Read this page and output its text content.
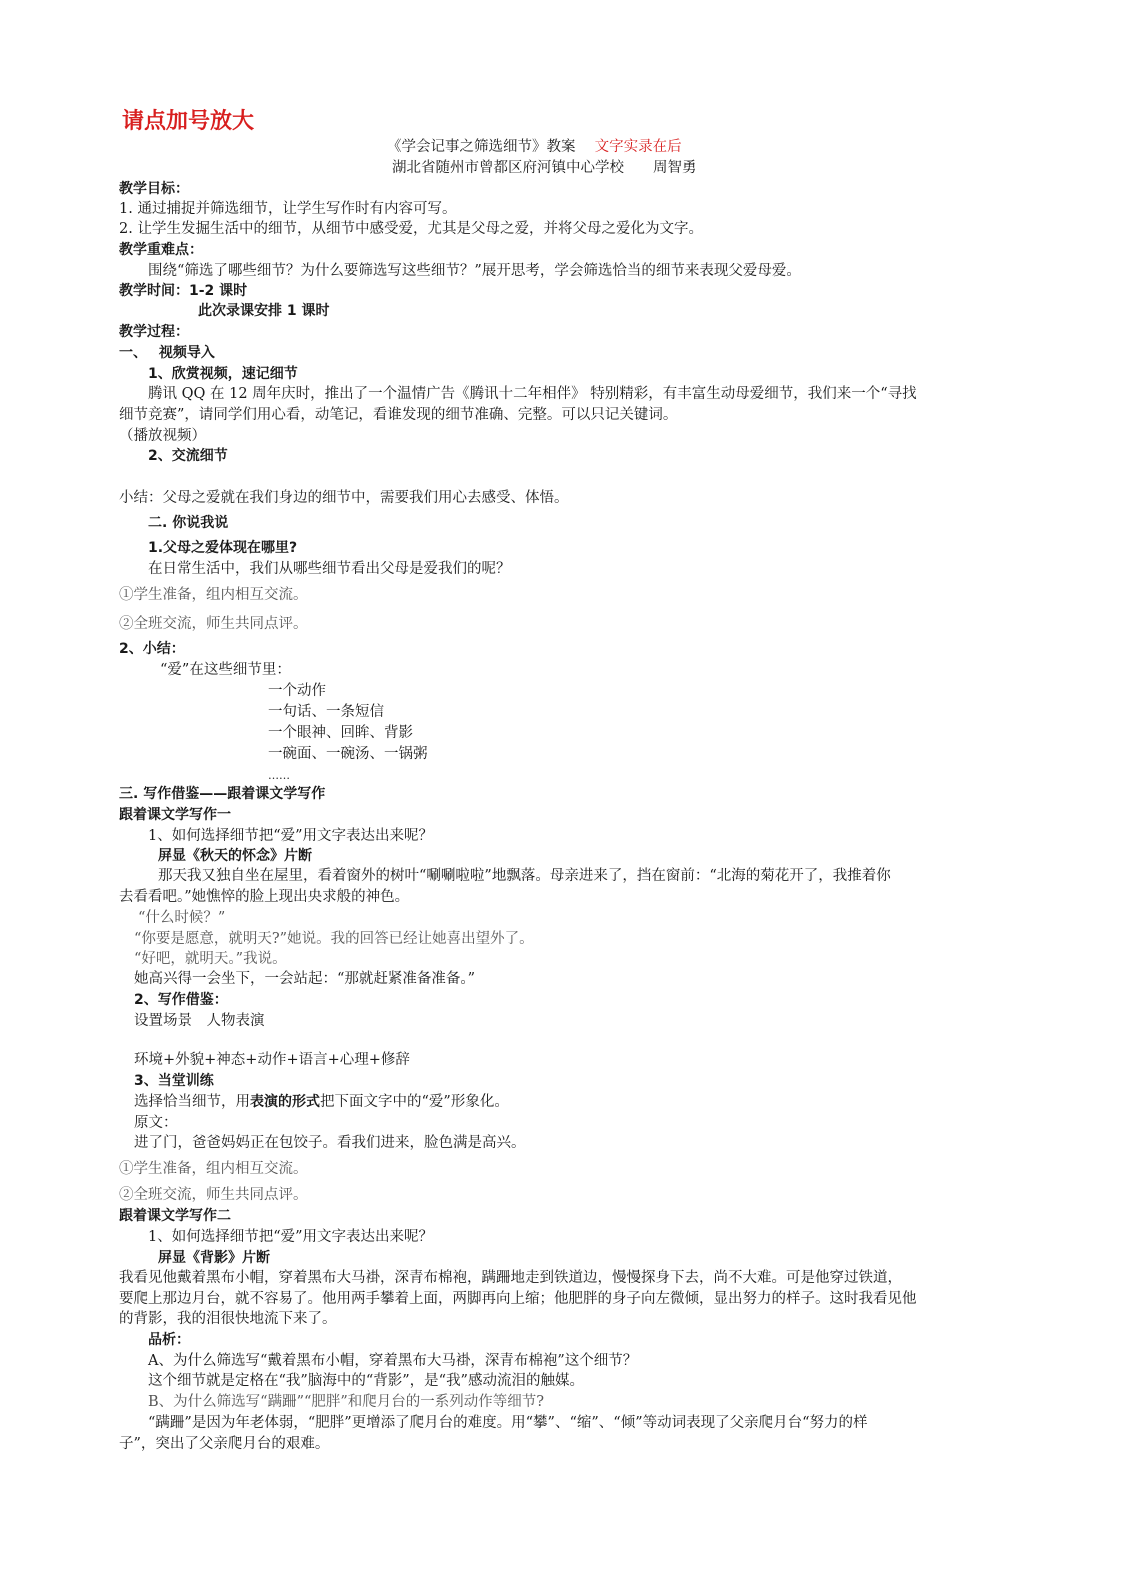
请点加号放大
《学会记事之筛选细节》教案　 文字实录在后
湖北省随州市曾都区府河镇中心学校　　周智勇
教学目标：
1. 通过捕捉并筛选细节，让学生写作时有内容可写。
2. 让学生发掘生活中的细节，从细节中感受爱，尤其是父母之爱，并将父母之爱化为文字。
教学重难点：
围绕“筛选了哪些细节？为什么要筛选写这些细节？”展开思考，学会筛选恰当的细节来表现父爱母爱。
教学时间：1-2 课时
此次录课安排 1 课时
教学过程：
一、　 视频导入
1、欣赏视频，速记细节
腾讯 QQ 在 12 周年庆时，推出了一个温情广告《腾讯十二年相伴》 特别精彩，有丰富生动母爱细节，我们来一个“寻找
细节竞赛”，请同学们用心看，动笔记，看谁发现的细节准确、完整。可以只记关键词。
（播放视频）
2、交流细节
小结：父母之爱就在我们身边的细节中，需要我们用心去感受、体悟。
二. 你说我说
1.父母之爱体现在哪里?
在日常生活中，我们从哪些细节看出父母是爱我们的呢？
①学生准备，组内相互交流。
②全班交流，师生共同点评。
2、小结：
“爱”在这些细节里：
一个动作
一句话、一条短信
一个眼神、回眸、背影
一碗面、一碗汤、一锅粥
……
三. 写作借鉴——跟着课文学写作
跟着课文学写作一
1、如何选择细节把“爱”用文字表达出来呢？
屏显《秋天的怀念》片断
那天我又独自坐在屋里，看着窗外的树叶“唰唰啦啦”地飘落。母亲进来了，挡在窗前：“北海的菊花开了，我推着你
去看看吧。”她憔悴的脸上现出央求般的神色。
“什么时候？”
“你要是愿意，就明天?”她说。我的回答已经让她喜出望外了。
“好吧，就明天。”我说。
她高兴得一会坐下，一会站起：“那就赶紧准备准备。”
2、写作借鉴：
设置场景　人物表演
环境+外貌+神态+动作+语言+心理+修辞
3、当堂训练
选择恰当细节，用表演的形式把下面文字中的“爱”形象化。
原文：
进了门，爸爸妈妈正在包饺子。看我们进来，脸色满是高兴。
①学生准备，组内相互交流。
②全班交流，师生共同点评。
跟着课文学写作二
1、如何选择细节把“爱”用文字表达出来呢？
屏显《背影》片断
我看见他戴着黑布小帽，穿着黑布大马褂，深青布棉袍，蹒跚地走到铁道边，慢慢探身下去，尚不大难。可是他穿过铁道，
要爬上那边月台，就不容易了。他用两手攀着上面，两脚再向上缩；他肥胖的身子向左微倾，显出努力的样子。这时我看见他
的背影，我的泪很快地流下来了。
品析：
A、为什么筛选写“戴着黑布小帽，穿着黑布大马褂，深青布棉袍”这个细节？
这个细节就是定格在“我”脑海中的“背影”，是“我”感动流泪的触媒。
B、为什么筛选写“蹒跚”“肥胖”和爬月台的一系列动作等细节?
“蹒跚”是因为年老体弱，“肥胖”更增添了爬月台的难度。用“攀”、“缩”、“倾”等动词表现了父亲爬月台“努力的样
子”，突出了父亲爬月台的艰难。
